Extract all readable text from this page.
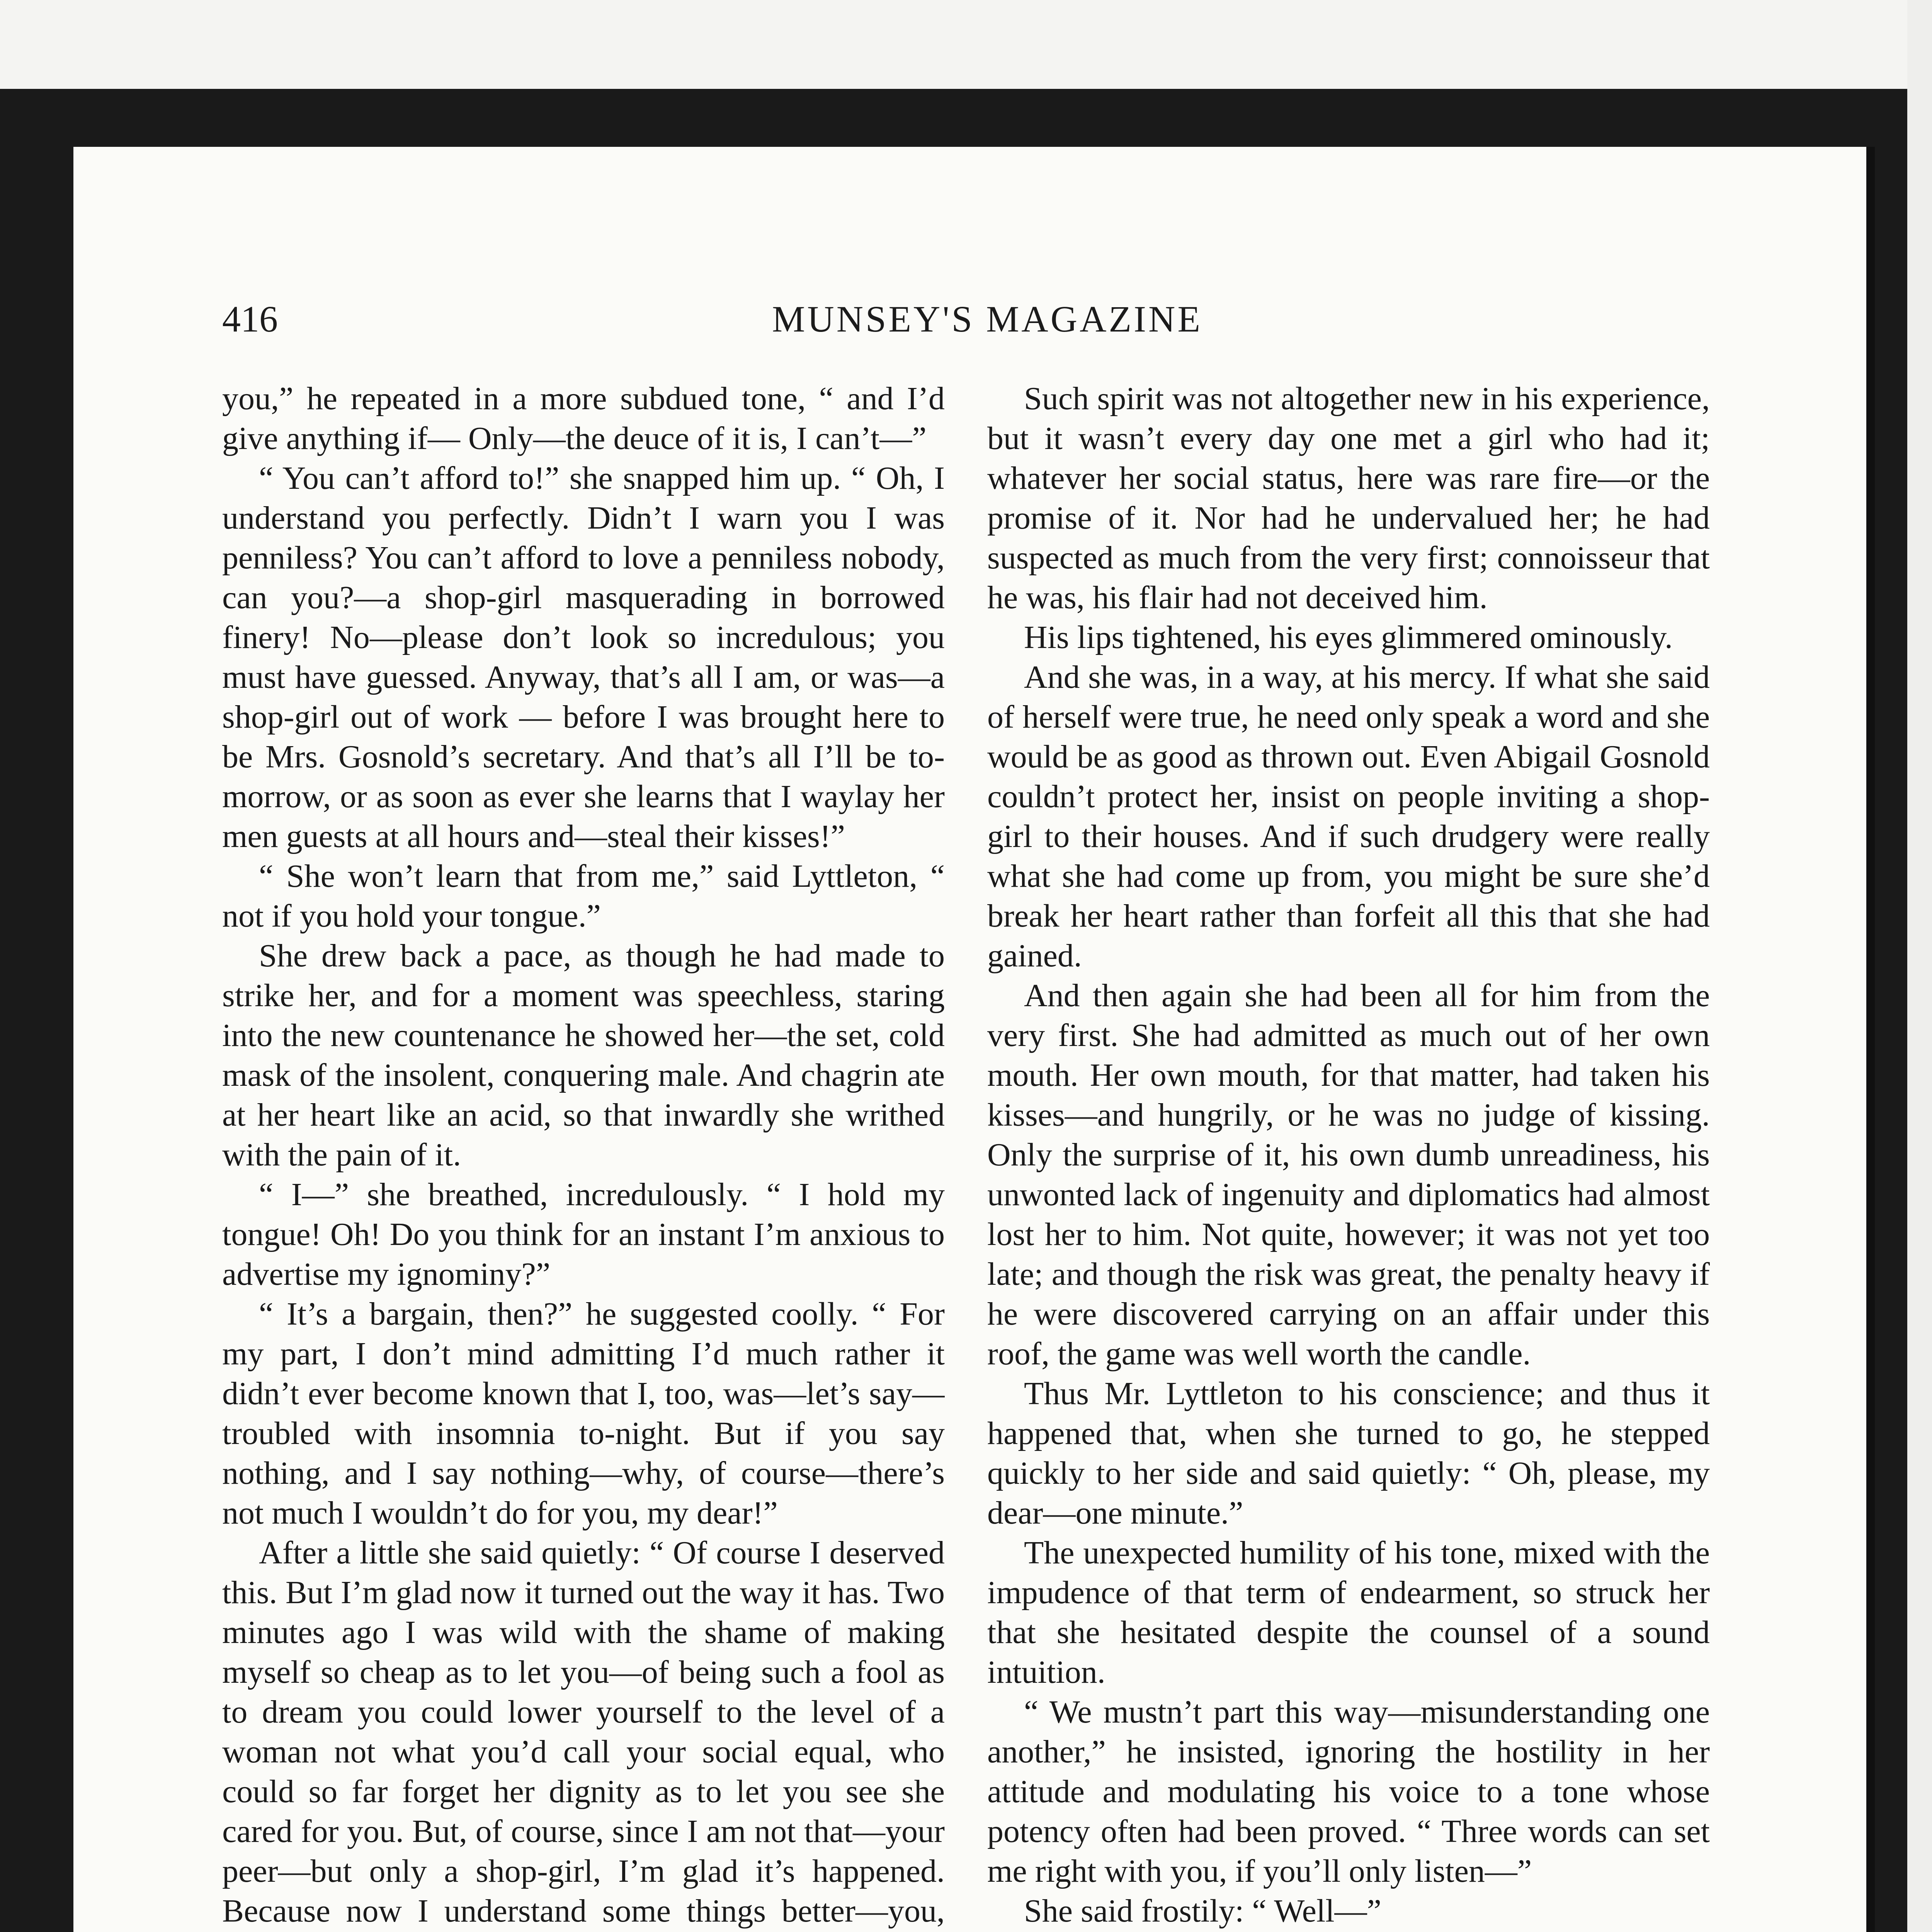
416	MUNSEY'S MAGAZINE

you,” he repeated in a more subdued tone, “ and I’d give anything if— Only—the deuce of it is, I can’t—”

“ You can’t afford to!” she snapped him up. “ Oh, I understand you perfectly. Didn’t I warn you I was penniless? You can’t afford to love a penniless nobody, can you?—a shop-girl masquerading in borrowed finery! No—please don’t look so incredulous; you must have guessed. Anyway, that’s all I am, or was—a shop-girl out of work — before I was brought here to be Mrs. Gosnold’s secretary. And that’s all I’ll be to-morrow, or as soon as ever she learns that I waylay her men guests at all hours and—steal their kisses!”

“ She won’t learn that from me,” said Lyttleton, “ not if you hold your tongue.”

She drew back a pace, as though he had made to strike her, and for a moment was speechless, staring into the new countenance he showed her—the set, cold mask of the insolent, conquering male. And chagrin ate at her heart like an acid, so that inwardly she writhed with the pain of it.

“ I—” she breathed, incredulously. “ I hold my tongue! Oh! Do you think for an instant I’m anxious to advertise my ignominy?”

“ It’s a bargain, then?” he suggested coolly. “ For my part, I don’t mind admitting I’d much rather it didn’t ever become known that I, too, was—let’s say—troubled with insomnia to-night. But if you say nothing, and I say nothing—why, of course—there’s not much I wouldn’t do for you, my dear!”

After a little she said quietly: “ Of course I deserved this. But I’m glad now it turned out the way it has. Two minutes ago I was wild with the shame of making myself so cheap as to let you—of being such a fool as to dream you could lower yourself to the level of a woman not what you’d call your social equal, who could so far forget her dignity as to let you see she cared for you. But, of course, since I am not that—your peer—but only a shop-girl, I’m glad it’s happened. Because now I understand some things better—you,

Such spirit was not altogether new in his experience, but it wasn’t every day one met a girl who had it; whatever her social status, here was rare fire—or the promise of it. Nor had he undervalued her; he had suspected as much from the very first; connoisseur that he was, his flair had not deceived him.

His lips tightened, his eyes glimmered ominously.

And she was, in a way, at his mercy. If what she said of herself were true, he need only speak a word and she would be as good as thrown out. Even Abigail Gosnold couldn’t protect her, insist on people inviting a shop-girl to their houses. And if such drudgery were really what she had come up from, you might be sure she’d break her heart rather than forfeit all this that she had gained.

And then again she had been all for him from the very first. She had admitted as much out of her own mouth. Her own mouth, for that matter, had taken his kisses—and hungrily, or he was no judge of kissing. Only the surprise of it, his own dumb unreadiness, his unwonted lack of ingenuity and diplomatics had almost lost her to him. Not quite, however; it was not yet too late; and though the risk was great, the penalty heavy if he were discovered carrying on an affair under this roof, the game was well worth the candle.

Thus Mr. Lyttleton to his conscience; and thus it happened that, when she turned to go, he stepped quickly to her side and said quietly: “ Oh, please, my dear—one minute.”

The unexpected humility of his tone, mixed with the impudence of that term of endearment, so struck her that she hesitated despite the counsel of a sound intuition.

“ We mustn’t part this way—misunderstanding one another,” he insisted, ignoring the hostility in her attitude and modulating his voice to a tone whose potency often had been proved. “ Three words can set me right with you, if you’ll only listen—”

She said frostily: “ Well—”
